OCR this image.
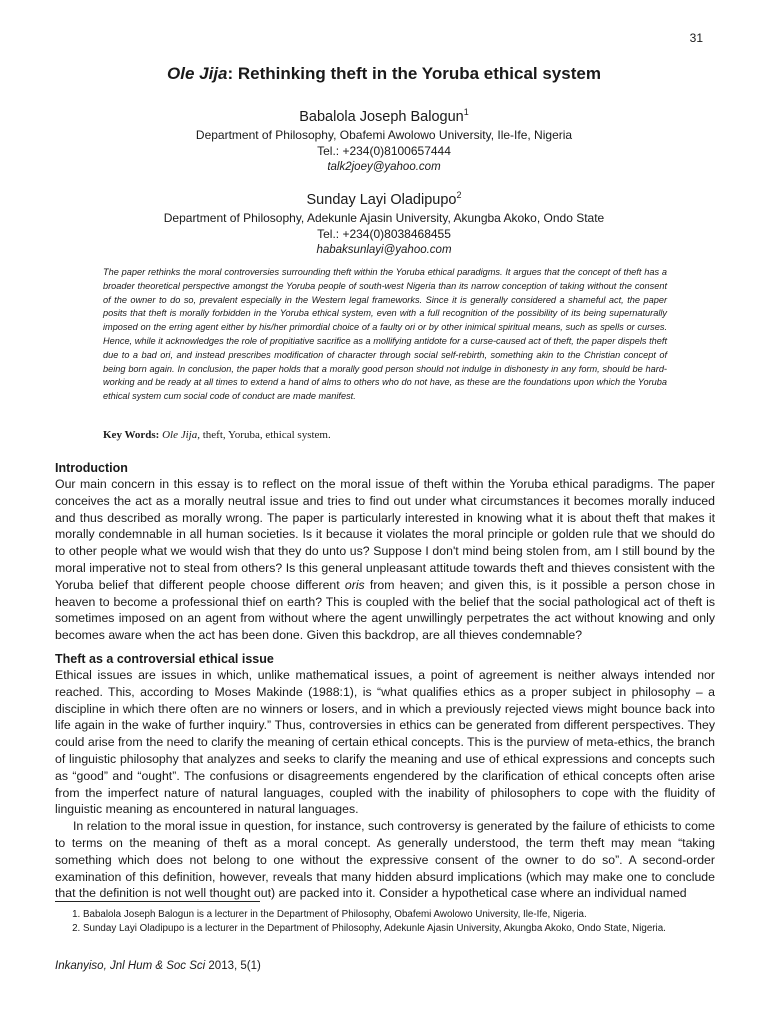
31
Ole Jija: Rethinking theft in the Yoruba ethical system
Babalola Joseph Balogun$^1$
Department of Philosophy, Obafemi Awolowo University, Ile-Ife, Nigeria
Tel.: +234(0)8100657444
talk2joey@yahoo.com
Sunday Layi Oladipupo$^2$
Department of Philosophy, Adekunle Ajasin University, Akungba Akoko, Ondo State
Tel.: +234(0)8038468455
habaksunlayi@yahoo.com
The paper rethinks the moral controversies surrounding theft within the Yoruba ethical paradigms. It argues that the concept of theft has a broader theoretical perspective amongst the Yoruba people of south-west Nigeria than its narrow conception of taking without the consent of the owner to do so, prevalent especially in the Western legal frameworks. Since it is generally considered a shameful act, the paper posits that theft is morally forbidden in the Yoruba ethical system, even with a full recognition of the possibility of its being supernaturally imposed on the erring agent either by his/her primordial choice of a faulty ori or by other inimical spiritual means, such as spells or curses. Hence, while it acknowledges the role of propitiative sacrifice as a mollifying antidote for a curse-caused act of theft, the paper dispels theft due to a bad ori, and instead prescribes modification of character through social self-rebirth, something akin to the Christian concept of being born again. In conclusion, the paper holds that a morally good person should not indulge in dishonesty in any form, should be hard-working and be ready at all times to extend a hand of alms to others who do not have, as these are the foundations upon which the Yoruba ethical system cum social code of conduct are made manifest.
Key Words: Ole Jija, theft, Yoruba, ethical system.
Introduction

Our main concern in this essay is to reflect on the moral issue of theft within the Yoruba ethical paradigms. The paper conceives the act as a morally neutral issue and tries to find out under what circumstances it becomes morally induced and thus described as morally wrong. The paper is particularly interested in knowing what it is about theft that makes it morally condemnable in all human societies. Is it because it violates the moral principle or golden rule that we should do to other people what we would wish that they do unto us? Suppose I don't mind being stolen from, am I still bound by the moral imperative not to steal from others? Is this general unpleasant attitude towards theft and thieves consistent with the Yoruba belief that different people choose different oris from heaven; and given this, is it possible a person chose in heaven to become a professional thief on earth? This is coupled with the belief that the social pathological act of theft is sometimes imposed on an agent from without where the agent unwillingly perpetrates the act without knowing and only becomes aware when the act has been done. Given this backdrop, are all thieves condemnable?

Theft as a controversial ethical issue

Ethical issues are issues in which, unlike mathematical issues, a point of agreement is neither always intended nor reached. This, according to Moses Makinde (1988:1), is “what qualifies ethics as a proper subject in philosophy – a discipline in which there often are no winners or losers, and in which a previously rejected views might bounce back into life again in the wake of further inquiry.” Thus, controversies in ethics can be generated from different perspectives. They could arise from the need to clarify the meaning of certain ethical concepts. This is the purview of meta-ethics, the branch of linguistic philosophy that analyzes and seeks to clarify the meaning and use of ethical expressions and concepts such as “good” and “ought”. The confusions or disagreements engendered by the clarification of ethical concepts often arise from the imperfect nature of natural languages, coupled with the inability of philosophers to cope with the fluidity of linguistic meaning as encountered in natural languages.

In relation to the moral issue in question, for instance, such controversy is generated by the failure of ethicists to come to terms on the meaning of theft as a moral concept. As generally understood, the term theft may mean “taking something which does not belong to one without the expressive consent of the owner to do so”. A second-order examination of this definition, however, reveals that many hidden absurd implications (which may make one to conclude that the definition is not well thought out) are packed into it. Consider a hypothetical case where an individual named

1. Babalola Joseph Balogun is a lecturer in the Department of Philosophy, Obafemi Awolowo University, Ile-Ife, Nigeria.
2. Sunday Layi Oladipupo is a lecturer in the Department of Philosophy, Adekunle Ajasin University, Akungba Akoko, Ondo State, Nigeria.
Inkanyiso, Jnl Hum & Soc Sci 2013, 5(1)
